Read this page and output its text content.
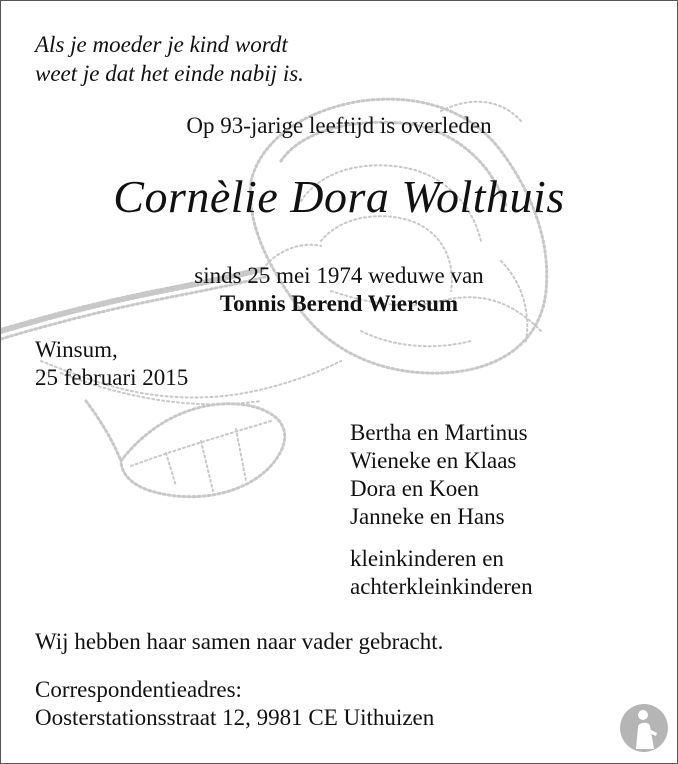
Als je moeder je kind wordt
weet je dat het einde nabij is.
Op 93-jarige leeftijd is overleden
Cornèlie Dora Wolthuis
sinds 25 mei 1974 weduwe van
Tonnis Berend Wiersum
Winsum,
25 februari 2015
Bertha en Martinus
Wieneke en Klaas
Dora en Koen
Janneke en Hans
kleinkinderen en
achterkleinkinderen
Wij hebben haar samen naar vader gebracht.
Correspondentieadres:
Oosterstationsstraat 12, 9981 CE Uithuizen
